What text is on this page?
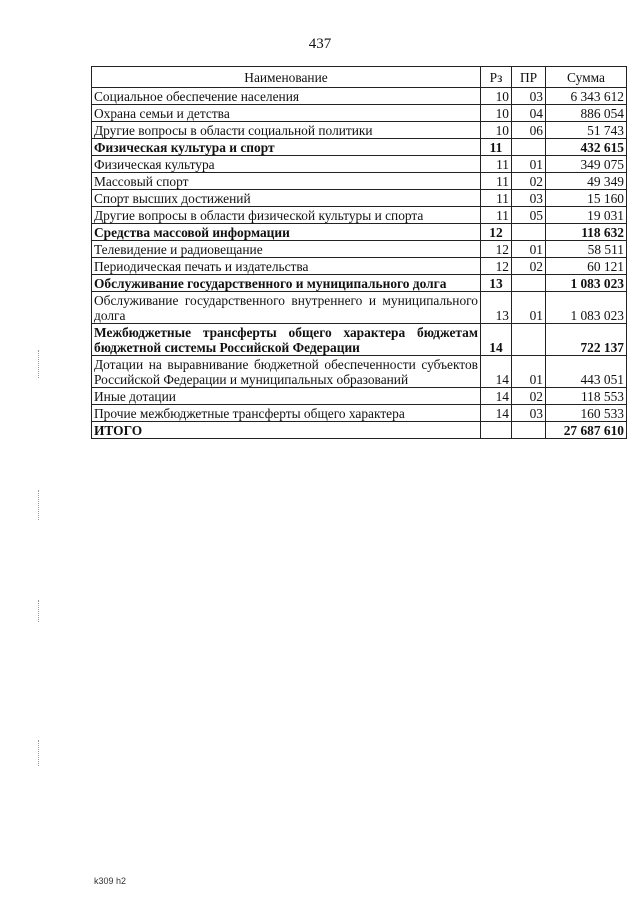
437
Наименование	Рз	ПР	Сумма
Социальное обеспечение населения	10	03	6 343 612
Охрана семьи и детства	10	04	886 054
Другие вопросы в области социальной политики	10	06	51 743
Физическая культура и спорт	11		432 615
Физическая культура	11	01	349 075
Массовый спорт	11	02	49 349
Спорт высших достижений	11	03	15 160
Другие вопросы в области физической культуры и спорта	11	05	19 031
Средства массовой информации	12		118 632
Телевидение и радиовещание	12	01	58 511
Периодическая печать и издательства	12	02	60 121
Обслуживание государственного и муниципального долга	13		1 083 023
Обслуживание государственного внутреннего и муниципального долга	13	01	1 083 023
Межбюджетные трансферты общего характера бюджетам бюджетной системы Российской Федерации	14		722 137
Дотации на выравнивание бюджетной обеспеченности субъектов Российской Федерации и муниципальных образований	14	01	443 051
Иные дотации	14	02	118 553
Прочие межбюджетные трансферты общего характера	14	03	160 533
ИТОГО			27 687 610
k309 h2
